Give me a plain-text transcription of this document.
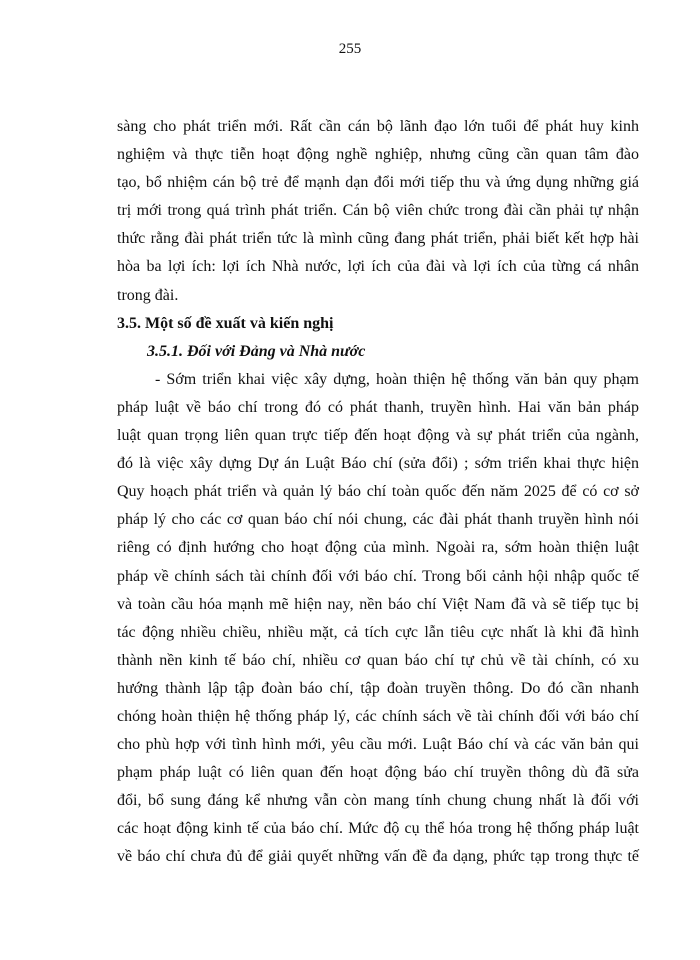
255
sàng cho phát triển mới. Rất cần cán bộ lãnh đạo lớn tuổi để phát huy kinh
nghiệm và thực tiễn hoạt động nghề nghiệp, nhưng cũng cần quan tâm đào
tạo, bổ nhiệm cán bộ trẻ để mạnh dạn đổi mới tiếp thu và ứng dụng những giá
trị mới trong quá trình phát triển. Cán bộ viên chức trong đài cần phải tự nhận
thức rằng đài phát triển tức là mình cũng đang phát triển, phải biết kết hợp hài
hòa ba lợi ích: lợi ích Nhà nước, lợi ích của đài và lợi ích của từng cá nhân
trong đài.
3.5. Một số đề xuất và kiến nghị
3.5.1. Đối với Đảng và Nhà nước
- Sớm triển khai việc xây dựng, hoàn thiện hệ thống văn bản quy phạm
pháp luật về báo chí trong đó có phát thanh, truyền hình. Hai văn bản pháp
luật quan trọng liên quan trực tiếp đến hoạt động và sự phát triển của ngành,
đó là việc xây dựng Dự án Luật Báo chí (sửa đổi) ; sớm triển khai thực hiện
Quy hoạch phát triển và quản lý báo chí toàn quốc đến năm 2025 để có cơ sở
pháp lý cho các cơ quan báo chí nói chung, các đài phát thanh truyền hình nói
riêng có định hướng cho hoạt động của mình. Ngoài ra, sớm hoàn thiện luật
pháp về chính sách tài chính đối với báo chí. Trong bối cảnh hội nhập quốc tế
và toàn cầu hóa mạnh mẽ hiện nay, nền báo chí Việt Nam đã và sẽ tiếp tục bị
tác động nhiều chiều, nhiều mặt, cả tích cực lẫn tiêu cực nhất là khi đã hình
thành nền kinh tế báo chí, nhiều cơ quan báo chí tự chủ về tài chính, có xu
hướng thành lập tập đoàn báo chí, tập đoàn truyền thông. Do đó cần nhanh
chóng hoàn thiện hệ thống pháp lý, các chính sách về tài chính đối với báo chí
cho phù hợp với tình hình mới, yêu cầu mới. Luật Báo chí và các văn bản qui
phạm pháp luật có liên quan đến hoạt động báo chí truyền thông dù đã sửa
đổi, bổ sung đáng kể nhưng vẫn còn mang tính chung chung nhất là đối với
các hoạt động kinh tế của báo chí. Mức độ cụ thể hóa trong hệ thống pháp luật
về báo chí chưa đủ để giải quyết những vấn đề đa dạng, phức tạp trong thực tế
